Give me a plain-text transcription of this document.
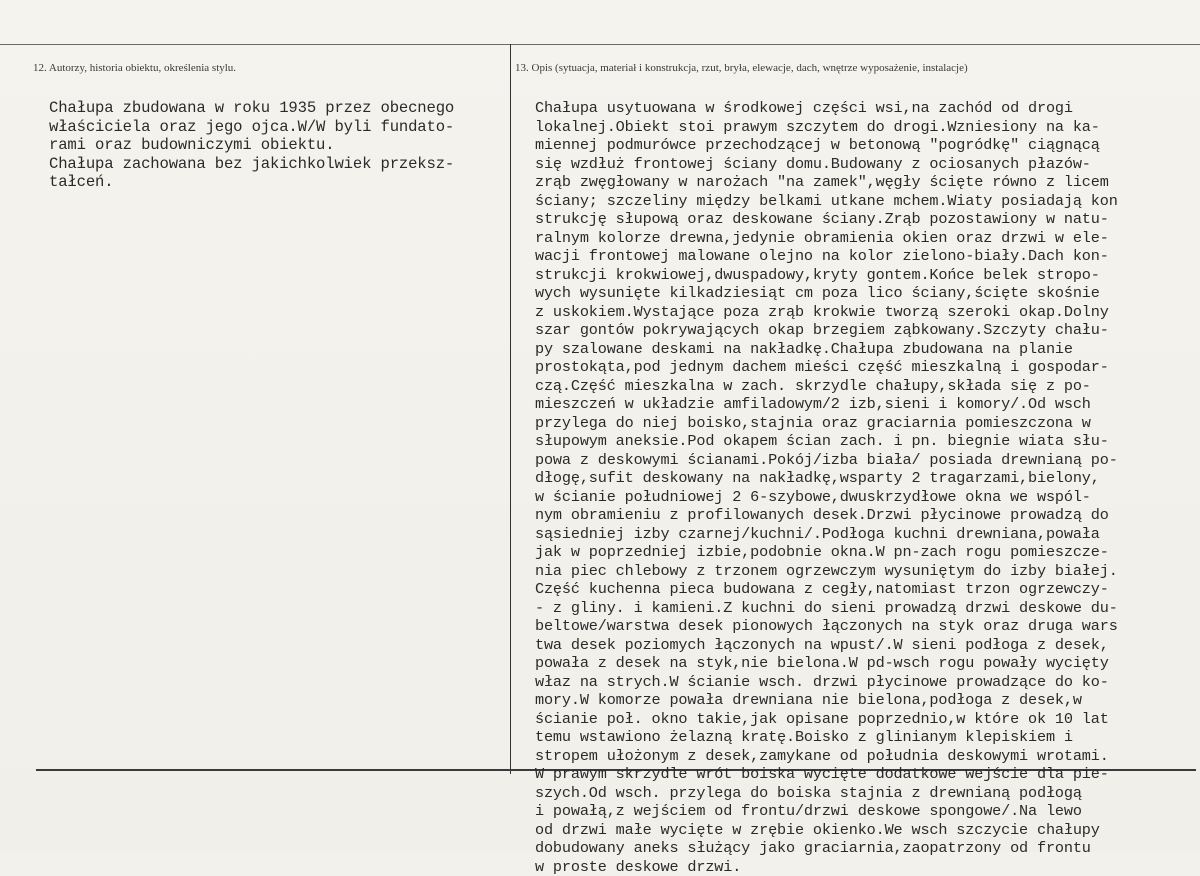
12. Autorzy, historia obiektu, określenia stylu.	13. Opis (sytuacja, materiał i konstrukcja, rzut, bryła, elewacje, dach, wnętrze wyposażenie, instalacje)
Chałupa zbudowana w roku 1935 przez obecnego
właściciela oraz jego ojca.W/W byli fundato-
rami oraz budowniczymi obiektu.
Chałupa zachowana bez jakichkolwiek przeksz-
tałceń.
Chałupa usytuowana w środkowej części wsi,na zachód od drogi
lokalnej.Obiekt stoi prawym szczytem do drogi.Wzniesiony na ka-
miennej podmurówce przechodzącej w betonową "pogródkę" ciągnącą
się wzdłuż frontowej ściany domu.Budowany z ociosanych płazów-
zrąb zwęgłowany w narożach "na zamek",węgły ścięte równo z licem
ściany; szczeliny między belkami utkane mchem.Wiaty posiadają kon
strukcję słupową oraz deskowane ściany.Zrąb pozostawiony w natu-
ralnym kolorze drewna,jedynie obramienia okien oraz drzwi w ele-
wacji frontowej malowane olejno na kolor zielono-biały.Dach kon-
strukcji krokwiowej,dwuspadowy,kryty gontem.Końce belek stropo-
wych wysunięte kilkadziesiąt cm poza lico ściany,ścięte skośnie
z uskokiem.Wystające poza zrąb krokwie tworzą szeroki okap.Dolny
szar gontów pokrywających okap brzegiem ząbkowany.Szczyty chału-
py szalowane deskami na nakładkę.Chałupa zbudowana na planie
prostokąta,pod jednym dachem mieści część mieszkalną i gospodar-
czą.Część mieszkalna w zach. skrzydle chałupy,składa się z po-
mieszczeń w układzie amfiladowym/2 izb,sieni i komory/.Od wsch
przylega do niej boisko,stajnia oraz graciarnia pomieszczona w
słupowym aneksie.Pod okapem ścian zach. i pn. biegnie wiata słu-
powa z deskowymi ścianami.Pokój/izba biała/ posiada drewnianą po-
dłogę,sufit deskowany na nakładkę,wsparty 2 tragarzami,bielony,
w ścianie południowej 2 6-szybowe,dwuskrzydłowe okna we wspól-
nym obramieniu z profilowanych desek.Drzwi płycinowe prowadzą do
sąsiedniej izby czarnej/kuchni/.Podłoga kuchni drewniana,powała
jak w poprzedniej izbie,podobnie okna.W pn-zach rogu pomieszcze-
nia piec chlebowy z trzonem ogrzewczym wysuniętym do izby białej.
Część kuchenna pieca budowana z cegły,natomiast trzon ogrzewczy-
- z gliny. i kamieni.Z kuchni do sieni prowadzą drzwi deskowe du-
beltowe/warstwa desek pionowych łączonych na styk oraz druga wars
twa desek poziomych łączonych na wpust/.W sieni podłoga z desek,
powała z desek na styk,nie bielona.W pd-wsch rogu powały wycięty
właz na strych.W ścianie wsch. drzwi płycinowe prowadzące do ko-
mory.W komorze powała drewniana nie bielona,podłoga z desek,w
ścianie poł. okno takie,jak opisane poprzednio,w które ok 10 lat
temu wstawiono żelazną kratę.Boisko z glinianym klepiskiem i
stropem ułożonym z desek,zamykane od południa deskowymi wrotami.
W prawym skrzydle wrót boiska wycięte dodatkowe wejście dla pie-
szych.Od wsch. przylega do boiska stajnia z drewnianą podłogą
i powałą,z wejściem od frontu/drzwi deskowe spongowe/.Na lewo
od drzwi małe wycięte w zrębie okienko.We wsch szczycie chałupy
dobudowany aneks służący jako graciarnia,zaopatrzony od frontu
w proste deskowe drzwi.
